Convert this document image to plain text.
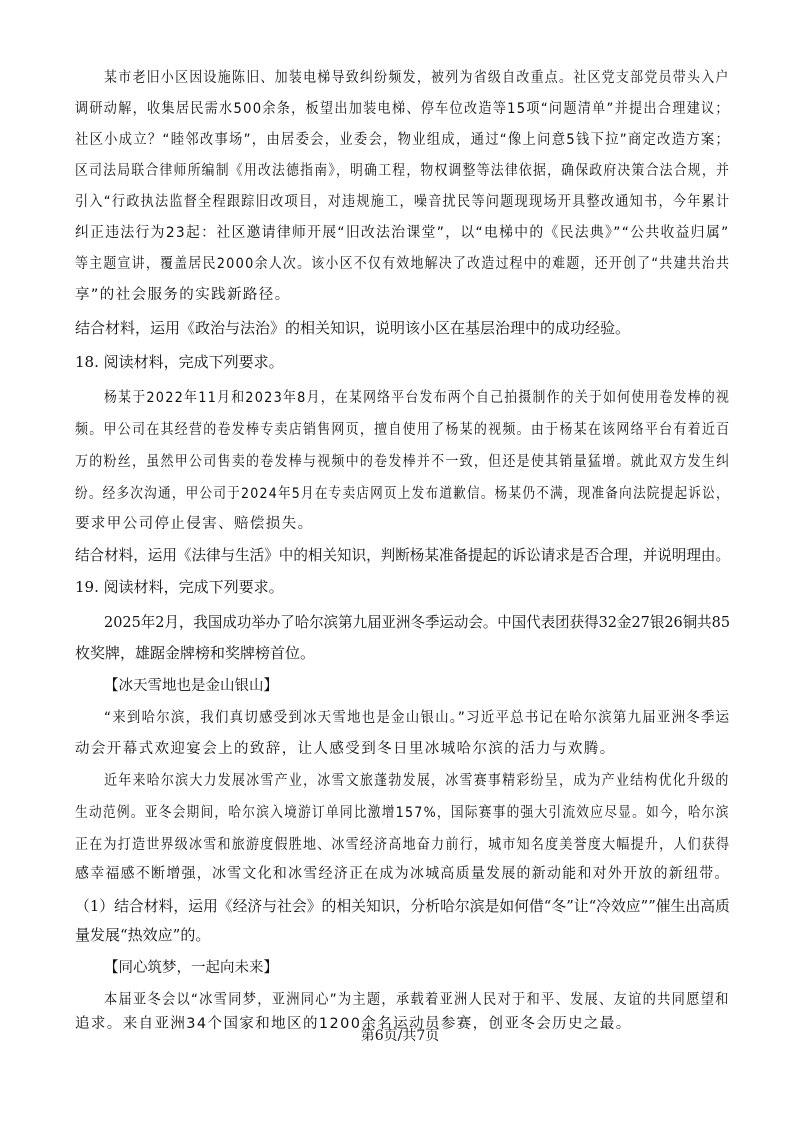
某市老旧小区因设施陈旧、加装电梯导致纠纷频发，被列为省级自改重点。社区党支部党员带头入户
调研动解，收集居民需水500余条，板望出加装电梯、停车位改造等15项“问题清单”并提出合理建议；
社区小成立？“睦邻改事场”，由居委会，业委会，物业组成，通过“像上问意5钱下拉”商定改造方案；
区司法局联合律师所编制《用改法德指南》，明确工程，物权调整等法律依据，确保政府决策合法合规，并
引入“行政执法监督全程跟踪旧改项目，对违规施工，噪音扰民等问题现现场开具整改通知书，今年累计
纠正违法行为23起：社区邀请律师开展“旧改法治课堂”，以“电梯中的《民法典》”“公共收益归属”
等主题宣讲，覆盖居民2000余人次。该小区不仅有效地解决了改造过程中的难题，还开创了“共建共治共
享”的社会服务的实践新路径。
结合材料，运用《政治与法治》的相关知识，说明该小区在基层治理中的成功经验。
18. 阅读材料，完成下列要求。
杨某于2022年11月和2023年8月，在某网络平台发布两个自己拍摄制作的关于如何使用卷发棒的视
频。甲公司在其经营的卷发棒专卖店销售网页，擅自使用了杨某的视频。由于杨某在该网络平台有着近百
万的粉丝，虽然甲公司售卖的卷发棒与视频中的卷发棒并不一致，但还是使其销量猛增。就此双方发生纠
纷。经多次沟通，甲公司于2024年5月在专卖店网页上发布道歉信。杨某仍不满，现准备向法院提起诉讼，
要求甲公司停止侵害、赔偿损失。
结合材料，运用《法律与生活》中的相关知识，判断杨某准备提起的诉讼请求是否合理，并说明理由。
19. 阅读材料，完成下列要求。
2025年2月，我国成功举办了哈尔滨第九届亚洲冬季运动会。中国代表团获得32金27银26铜共85
枚奖牌，雄踞金牌榜和奖牌榜首位。
【冰天雪地也是金山银山】
“来到哈尔滨，我们真切感受到冰天雪地也是金山银山。”习近平总书记在哈尔滨第九届亚洲冬季运
动会开幕式欢迎宴会上的致辞，让人感受到冬日里冰城哈尔滨的活力与欢腾。
近年来哈尔滨大力发展冰雪产业，冰雪文旅蓬勃发展，冰雪赛事精彩纷呈，成为产业结构优化升级的
生动范例。亚冬会期间，哈尔滨入境游订单同比激增157%，国际赛事的强大引流效应尽显。如今，哈尔滨
正在为打造世界级冰雪和旅游度假胜地、冰雪经济高地奋力前行，城市知名度美誉度大幅提升，人们获得
感幸福感不断增强，冰雪文化和冰雪经济正在成为冰城高质量发展的新动能和对外开放的新纽带。
（1）结合材料，运用《经济与社会》的相关知识，分析哈尔滨是如何借“冬”让“冷效应””催生出高质
量发展“热效应”的。
【同心筑梦，一起向未来】
本届亚冬会以“冰雪同梦，亚洲同心”为主题，承载着亚洲人民对于和平、发展、友谊的共同愿望和
追求。来自亚洲34个国家和地区的1200余名运动员参赛，创亚冬会历史之最。
第6页/共7页
